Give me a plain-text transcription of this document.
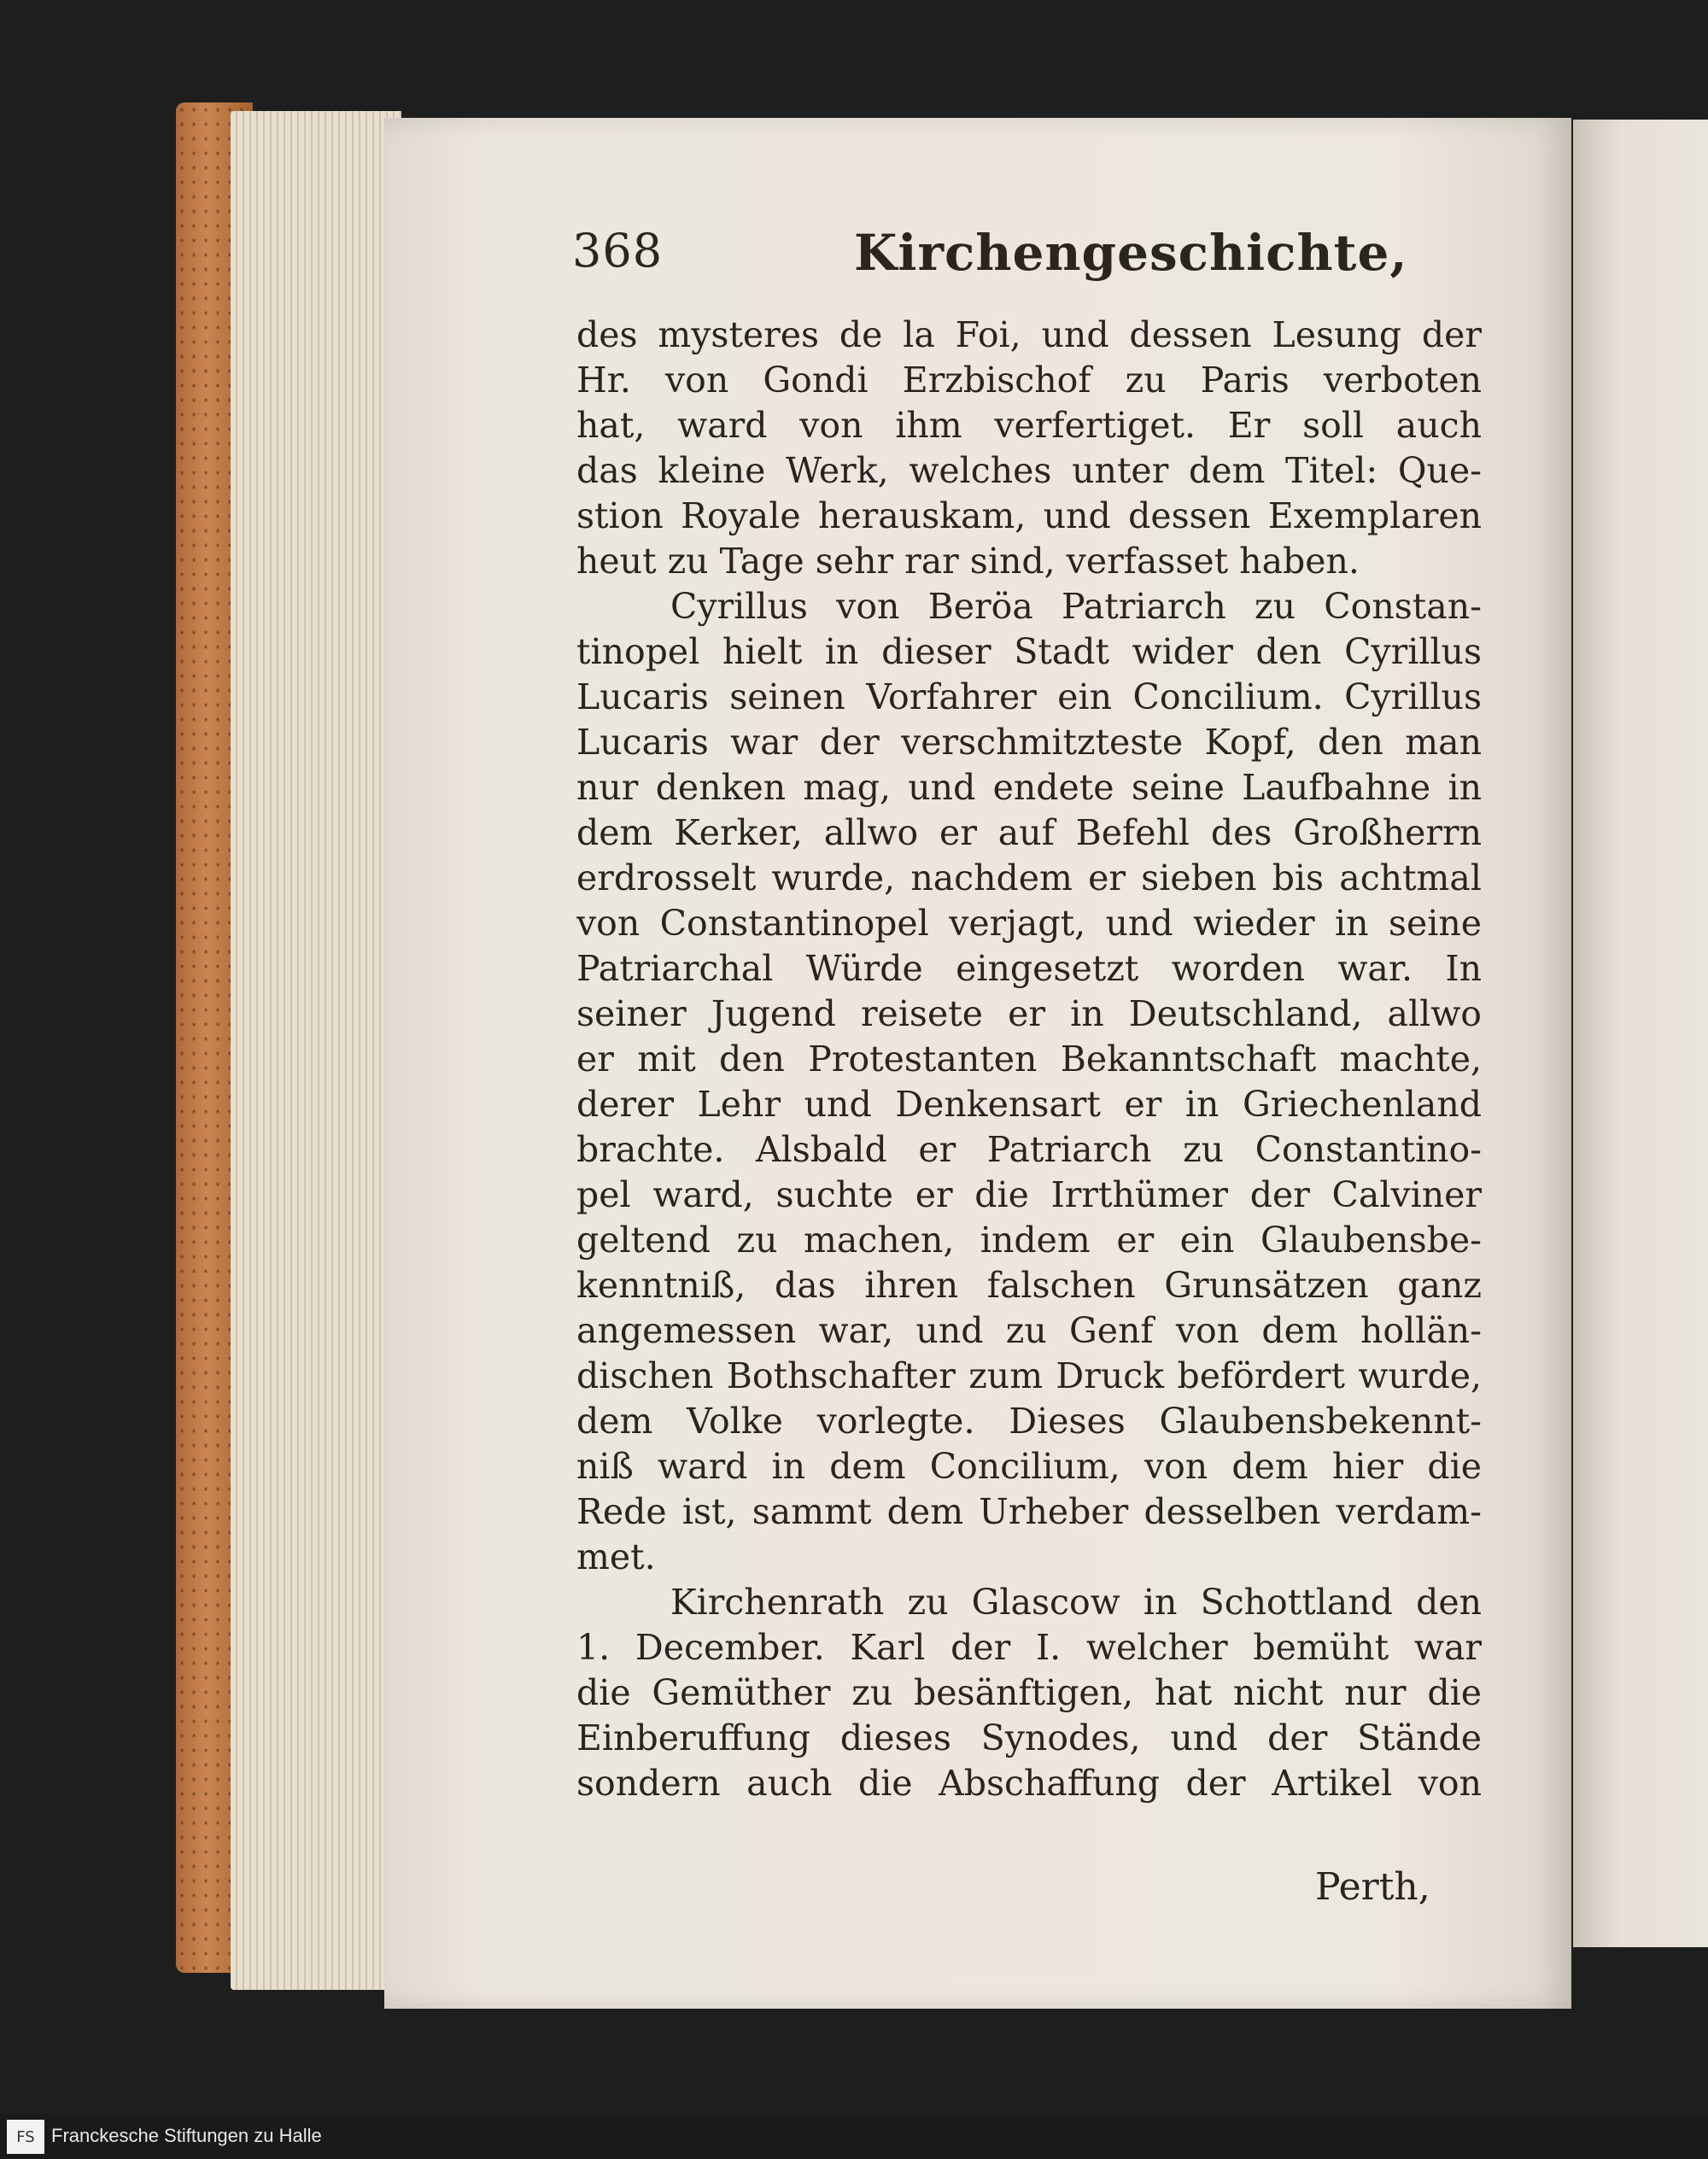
368	Kirchengeschichte,
des mysteres de la Foi, und dessen Lesung der
Hr. von Gondi Erzbischof zu Paris verboten
hat, ward von ihm verfertiget. Er soll auch
das kleine Werk, welches unter dem Titel: Que-
stion Royale herauskam, und dessen Exemplaren
heut zu Tage sehr rar sind, verfasset haben.
Cyrillus von Beröa Patriarch zu Constan-
tinopel hielt in dieser Stadt wider den Cyrillus
Lucaris seinen Vorfahrer ein Concilium. Cyrillus
Lucaris war der verschmitzteste Kopf, den man
nur denken mag, und endete seine Laufbahne in
dem Kerker, allwo er auf Befehl des Großherrn
erdrosselt wurde, nachdem er sieben bis achtmal
von Constantinopel verjagt, und wieder in seine
Patriarchal Würde eingesetzt worden war. In
seiner Jugend reisete er in Deutschland, allwo
er mit den Protestanten Bekanntschaft machte,
derer Lehr und Denkensart er in Griechenland
brachte. Alsbald er Patriarch zu Constantino-
pel ward, suchte er die Irrthümer der Calviner
geltend zu machen, indem er ein Glaubensbe-
kenntniß, das ihren falschen Grunsätzen ganz
angemessen war, und zu Genf von dem hollän-
dischen Bothschafter zum Druck befördert wurde,
dem Volke vorlegte. Dieses Glaubensbekennt-
niß ward in dem Concilium, von dem hier die
Rede ist, sammt dem Urheber desselben verdam-
met.
Kirchenrath zu Glascow in Schottland den
1. December. Karl der I. welcher bemüht war
die Gemüther zu besänftigen, hat nicht nur die
Einberuffung dieses Synodes, und der Stände
sondern auch die Abschaffung der Artikel von
Perth,
FS Franckesche Stiftungen zu Halle
